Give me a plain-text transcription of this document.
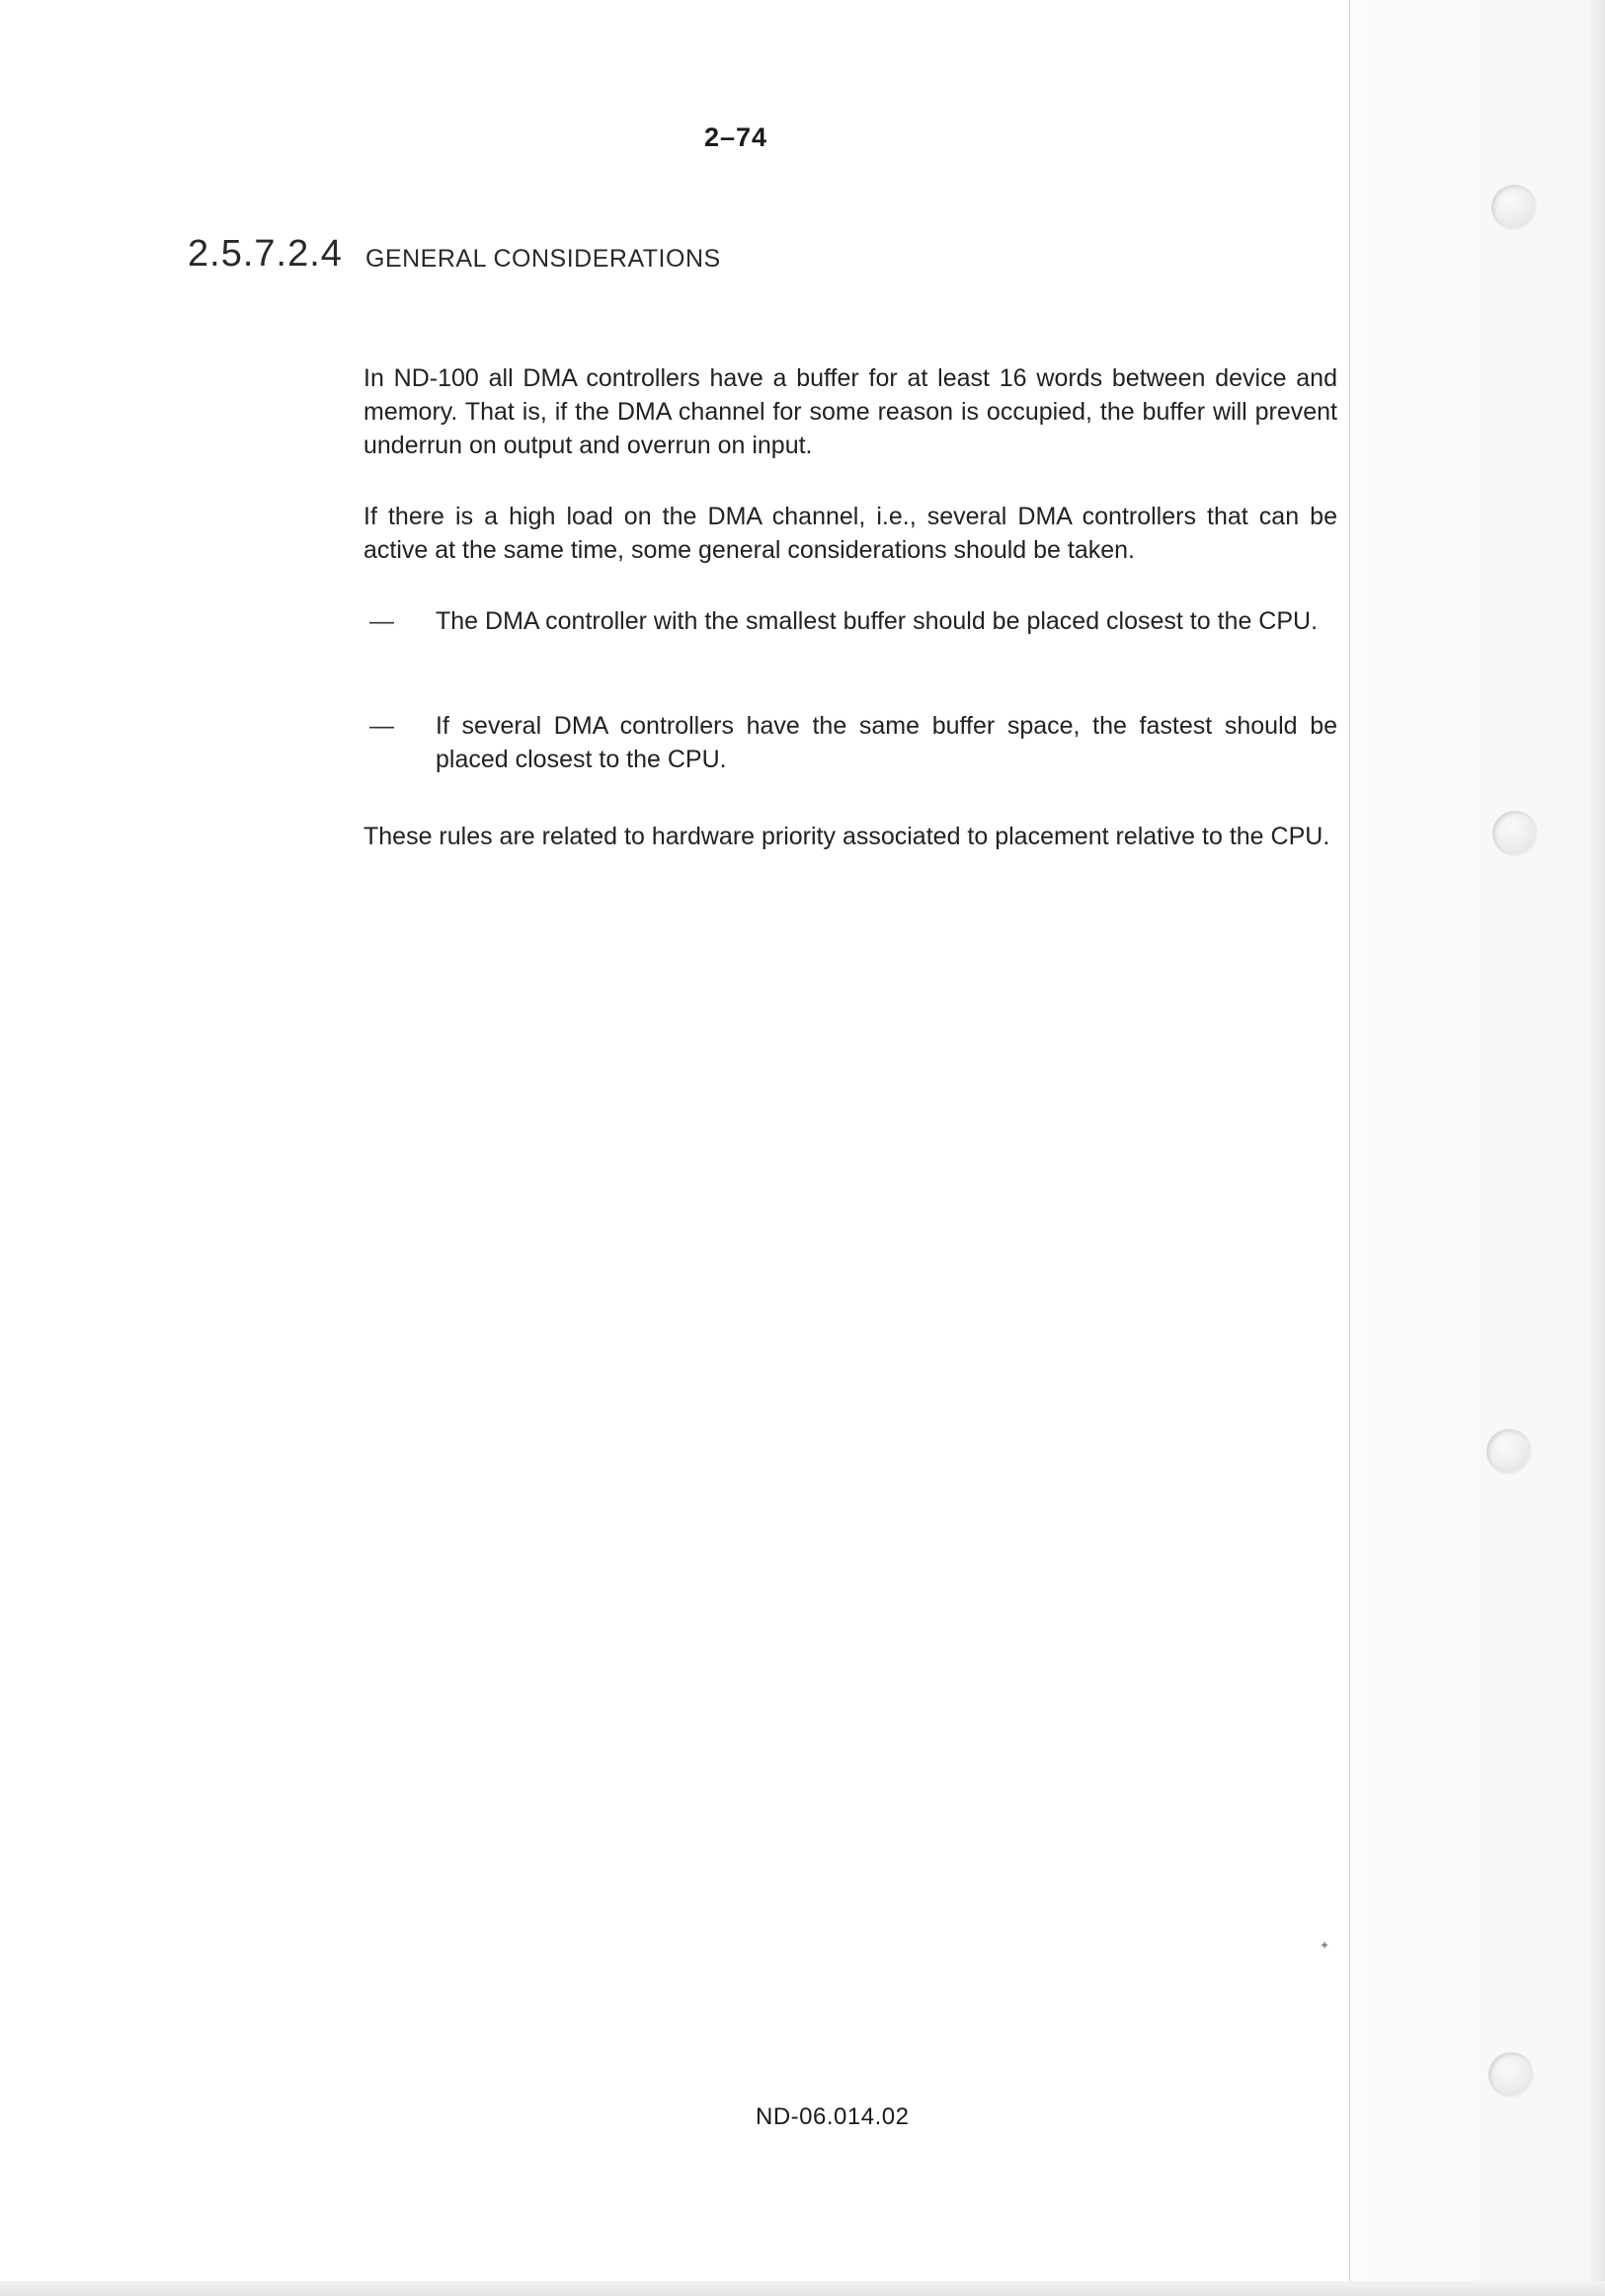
2–74
2.5.7.2.4 GENERAL CONSIDERATIONS

In ND-100 all DMA controllers have a buffer for at least 16 words between device and memory. That is, if the DMA channel for some reason is occupied, the buffer will prevent underrun on output and overrun on input.

If there is a high load on the DMA channel, i.e., several DMA controllers that can be active at the same time, some general considerations should be taken.

— The DMA controller with the smallest buffer should be placed closest to the CPU.

— If several DMA controllers have the same buffer space, the fastest should be placed closest to the CPU.

These rules are related to hardware priority associated to placement relative to the CPU.

✦
ND-06.014.02
